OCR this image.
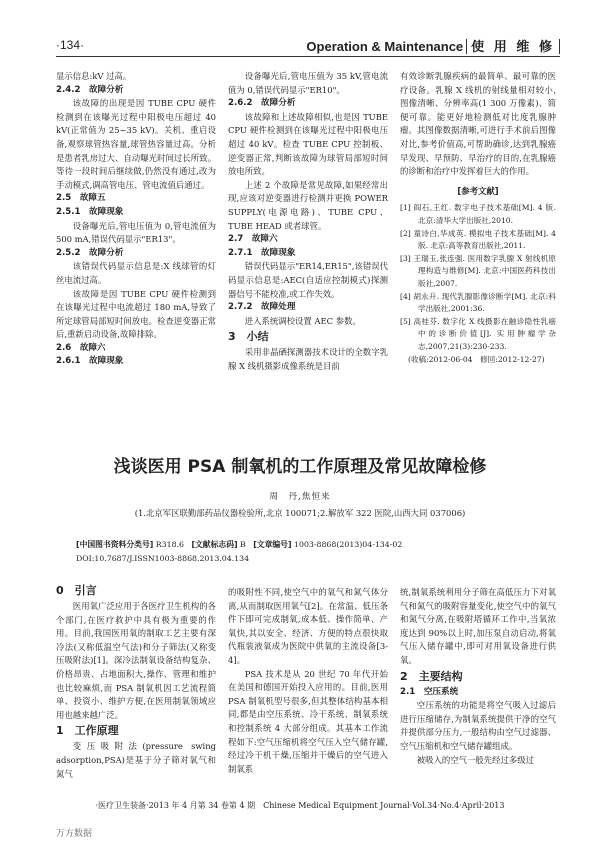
·134·	Operation & Maintenance 使 用 维 修

显示信息:kV 过高。

2.4.2　故障分析

该故障的出现是因 TUBE CPU 硬件检测到在该曝光过程中阳极电压超过 40 kV(正常值为 25~35 kV)。关机、重启设备,观察球管热容量,球管热容量过高。分析是患者乳房过大、自动曝光时间过长所致。等待一段时间后继续做,仍然没有通过,改为手动模式,调高管电压、管电流值后通过。

2.5　故障五

2.5.1　故障现象

设备曝光后,管电压值为 0,管电流值为 500 mA,错误代码显示"ER13"。

2.5.2　故障分析

该错误代码显示信息是:X 线球管的灯丝电流过高。

该故障是因 TUBE CPU 硬件检测到在该曝光过程中电流超过 180 mA,导致了所定球管局部短时间放电。检查逆变器正常后,重新启动设备,故障排除。

2.6　故障六

2.6.1　故障现象

设备曝光后,管电压值为 35 kV,管电流值为 0,错误代码显示"ER10"。

2.6.2　故障分析

该故障和上述故障相似,也是因 TUBE CPU 硬件检测到在该曝光过程中阳极电压超过 40 kV。检查 TUBE CPU 控制板、逆变器正常,判断该故障为球管局部短时间放电所致。

上述 2 个故障是常见故障,如果经常出现,应该对逆变器进行检测并更换 POWER SUPPLY(电源电路)、TUBE CPU、TUBE HEAD 或者球管。

2.7　故障六

2.7.1　故障现象

错误代码显示"ER14,ER15",该错误代码显示信息是:AEC(自适应控制模式)探测器信号不能校准,或工作失效。

2.7.2　故障处理

进入系统调校设置 AEC 参数。

3　小结

采用非晶硒探测器技术设计的全数字乳腺 X 线机摄影成像系统是目前

有效诊断乳腺疾病的最简单、最可靠的医疗设备。乳腺 X 线机的射线量相对较小,图像清晰、分辨率高(1 300 万像素)、简便可靠。能更好地检测低对比度乳腺肿瘤。其图像数据清晰,可进行手术前后图像对比,参考价值高,可帮助确诊,达到乳腺癌早发现、早预防、早治疗的目的,在乳腺癌的诊断和治疗中发挥着巨大的作用。

[参考文献]
[1] 阎石,王红. 数字电子技术基础[M]. 4 版. 北京:清华大学出版社,2010.
[2] 童诗白,华成英. 模拟电子技术基础[M]. 4 版. 北京:高等教育出版社,2011.
[3] 王瑞玉,张连强. 医用数字乳腺 X 射线机原理构造与维修[M]. 北京:中国医药科技出版社,2007.
[4] 胡永升. 现代乳腺影像诊断学[M]. 北京:科学出版社,2001:36.
[5] 高桂芬. 数字化 X 线摄影在触诊隐性乳癌中的诊断价值[J]. 实用肿瘤学杂志,2007,21(3):230-233.
(收稿:2012-06-04　修回:2012-12-27)
浅谈医用 PSA 制氧机的工作原理及常见故障检修
周　丹,焦恒来
(1.北京军区联勤部药品仪器检验所,北京 100071;2.解放军 322 医院,山西大同 037006)
[中国图书资料分类号] R318.6 [文献标志码] B [文章编号] 1003-8868(2013)04-134-02
DOI:10.7687/J.ISSN1003-8868.2013.04.134

0　引言

医用氧广泛应用于各医疗卫生机构的各个部门,在医疗救护中具有极为重要的作用。目前,我国医用氧的制取工艺主要有深冷法(又称低温空气法)和分子筛法(又称变压吸附法)[1]。深冷法制氧设备结构复杂、价格昂贵、占地面积大,操作、管理和维护也比较麻烦,而 PSA 制氧机因工艺流程简单、投资小、维护方便,在医用制氧领域应用也越来越广泛。

1　工作原理

变压吸附法(pressure swing adsorption,PSA)是基于分子筛对氧气和氮气

的吸附性不同,使空气中的氧气和氮气体分离,从而制取医用氧气[2]。在常温、低压条件下即可完成制氧,成本低、操作简单、产氧快,其以安全、经济、方便的特点很快取代瓶装液氧成为医院中供氧的主流设备[3-4]。

PSA 技术是从 20 世纪 70 年代开始在美国和德国开始投入应用的。目前,医用 PSA 制氧机型号很多,但其整体结构基本相同,都是由空压系统、冷干系统、制氧系统和控制系统 4 大部分组成。其基本工作流程如下:空气压缩机将空气压入空气储存罐,经过冷干机干燥,压缩并干燥后的空气进入制氧系

统,制氧系统利用分子筛在高低压力下对氧气和氮气的吸附容量变化,使空气中的氧气和氮气分离,在吸附塔循环工作中,当氧浓度达到 90%以上时,加压泵自动启动,将氧气压入储存罐中,即可对用氧设备进行供氧。

2　主要结构

2.1　空压系统

空压系统的功能是将空气吸入过滤后进行压缩储存,为制氧系统提供干净的空气并提供部分压力,一般结构由空气过滤器、空气压缩机和空气储存罐组成。

被吸入的空气一般先经过多级过

·医疗卫生装备·2013 年 4 月第 34 卷第 4 期　Chinese Medical Equipment Journal·Vol.34·No.4·April·2013
万方数据
